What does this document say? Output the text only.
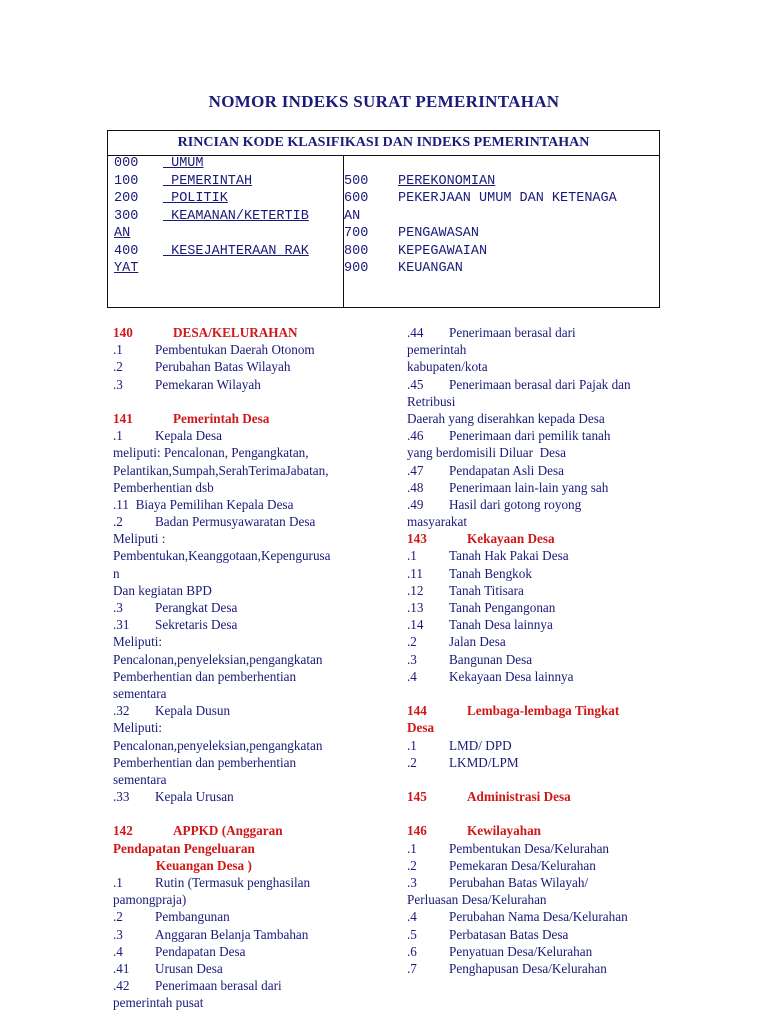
NOMOR INDEKS SURAT PEMERINTAHAN
RINCIAN KODE KLASIFIKASI DAN INDEKS PEMERINTAHAN
000 UMUM
100 PEMERINTAH
200 POLITIK
300 KEAMANAN/KETERTIB
AN
400 KESEJAHTERAAN RAK
YAT
500 PEREKONOMIAN
600 PEKERJAAN UMUM DAN KETENAGA
AN
700 PENGAWASAN
800 KEPEGAWAIAN
900 KEUANGAN
140	DESA/KELURAHAN
.1 Pembentukan Daerah Otonom
.2 Perubahan Batas Wilayah
.3 Pemekaran Wilayah
141	Pemerintah Desa
.1 Kepala Desa
meliputi: Pencalonan, Pengangkatan,
Pelantikan,Sumpah,SerahTerimaJabatan,
Pemberhentian dsb
.11  Biaya Pemilihan Kepala Desa
.2 Badan Permusyawaratan Desa
Meliputi :
Pembentukan,Keanggotaan,Kepengurusa
n
Dan kegiatan BPD
.3 Perangkat Desa
.31 Sekretaris Desa
Meliputi:
Pencalonan,penyeleksian,pengangkatan
Pemberhentian dan pemberhentian
sementara
.32 Kepala Dusun
Meliputi:
Pencalonan,penyeleksian,pengangkatan
Pemberhentian dan pemberhentian
sementara
.33 Kepala Urusan
142	APPKD (Anggaran
Pendapatan Pengeluaran
Keuangan Desa )
.1 Rutin (Termasuk penghasilan
pamongpraja)
.2 Pembangunan
.3 Anggaran Belanja Tambahan
.4 Pendapatan Desa
.41 Urusan Desa
.42 Penerimaan berasal dari
pemerintah pusat
.44 Penerimaan berasal dari
pemerintah
kabupaten/kota
.45 Penerimaan berasal dari Pajak dan
Retribusi
Daerah yang diserahkan kepada Desa
.46 Penerimaan dari pemilik tanah
yang berdomisili Diluar  Desa
.47 Pendapatan Asli Desa
.48 Penerimaan lain-lain yang sah
.49 Hasil dari gotong royong
masyarakat
143	Kekayaan Desa
.1 Tanah Hak Pakai Desa
.11 Tanah Bengkok
.12 Tanah Titisara
.13 Tanah Pengangonan
.14 Tanah Desa lainnya
.2 Jalan Desa
.3 Bangunan Desa
.4 Kekayaan Desa lainnya
144	Lembaga-lembaga Tingkat
Desa
.1 LMD/ DPD
.2 LKMD/LPM
145	Administrasi Desa
146	Kewilayahan
.1 Pembentukan Desa/Kelurahan
.2 Pemekaran Desa/Kelurahan
.3 Perubahan Batas Wilayah/
Perluasan Desa/Kelurahan
.4 Perubahan Nama Desa/Kelurahan
.5 Perbatasan Batas Desa
.6 Penyatuan Desa/Kelurahan
.7 Penghapusan Desa/Kelurahan
